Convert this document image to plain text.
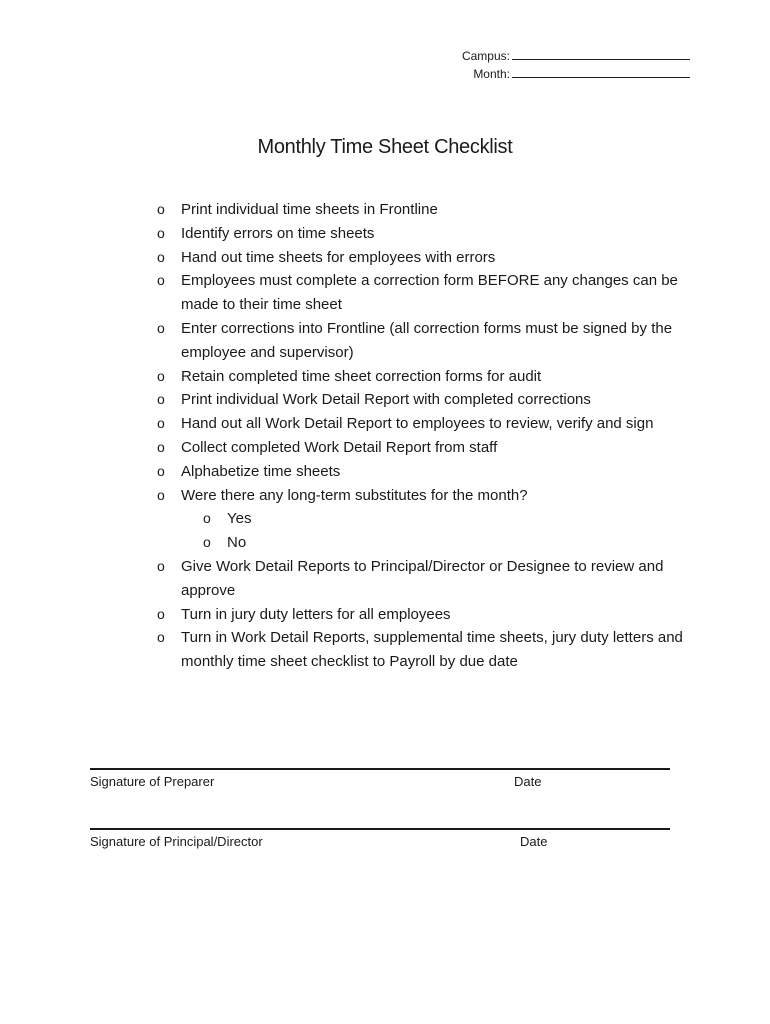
Campus:
Month:
Monthly Time Sheet Checklist
o	Print individual time sheets in Frontline
o	Identify errors on time sheets
o	Hand out time sheets for employees with errors
o	Employees must complete a correction form BEFORE any changes can be made to their time sheet
o	Enter corrections into Frontline (all correction forms must be signed by the employee and supervisor)
o	Retain completed time sheet correction forms for audit
o	Print individual Work Detail Report with completed corrections
o	Hand out all Work Detail Report to employees to review, verify and sign
o	Collect completed Work Detail Report from staff
o	Alphabetize time sheets
o	Were there any long-term substitutes for the month?
o	Yes
o	No
o	Give Work Detail Reports to Principal/Director or Designee to review and approve
o	Turn in jury duty letters for all employees
o	Turn in Work Detail Reports, supplemental time sheets, jury duty letters and monthly time sheet checklist to Payroll by due date
Signature of Preparer	Date
Signature of Principal/Director	Date
